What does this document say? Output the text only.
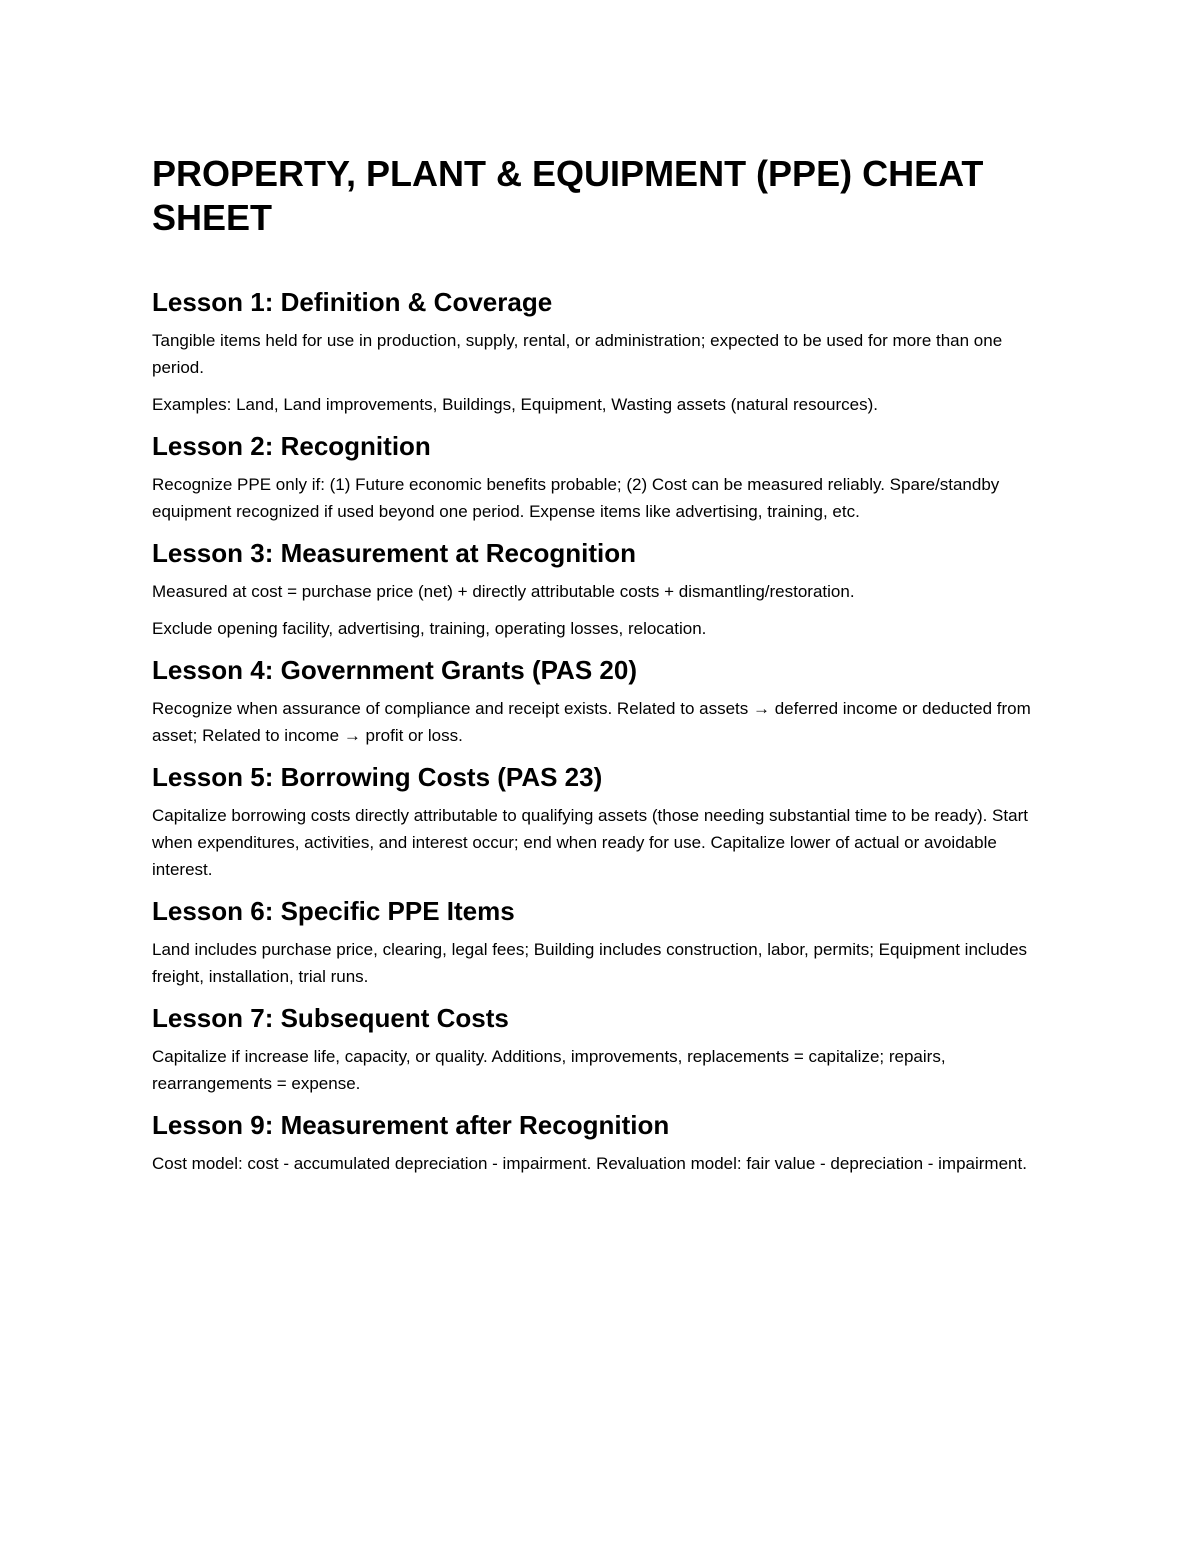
PROPERTY, PLANT & EQUIPMENT (PPE) CHEAT SHEET
Lesson 1: Definition & Coverage

Tangible items held for use in production, supply, rental, or administration; expected to be used for more than one period.

Examples: Land, Land improvements, Buildings, Equipment, Wasting assets (natural resources).

Lesson 2: Recognition

Recognize PPE only if: (1) Future economic benefits probable; (2) Cost can be measured reliably. Spare/standby equipment recognized if used beyond one period. Expense items like advertising, training, etc.

Lesson 3: Measurement at Recognition

Measured at cost = purchase price (net) + directly attributable costs + dismantling/restoration.

Exclude opening facility, advertising, training, operating losses, relocation.

Lesson 4: Government Grants (PAS 20)

Recognize when assurance of compliance and receipt exists. Related to assets → deferred income or deducted from asset; Related to income → profit or loss.

Lesson 5: Borrowing Costs (PAS 23)

Capitalize borrowing costs directly attributable to qualifying assets (those needing substantial time to be ready). Start when expenditures, activities, and interest occur; end when ready for use. Capitalize lower of actual or avoidable interest.

Lesson 6: Specific PPE Items

Land includes purchase price, clearing, legal fees; Building includes construction, labor, permits; Equipment includes freight, installation, trial runs.

Lesson 7: Subsequent Costs

Capitalize if increase life, capacity, or quality. Additions, improvements, replacements = capitalize; repairs, rearrangements = expense.

Lesson 9: Measurement after Recognition

Cost model: cost - accumulated depreciation - impairment. Revaluation model: fair value - depreciation - impairment.
